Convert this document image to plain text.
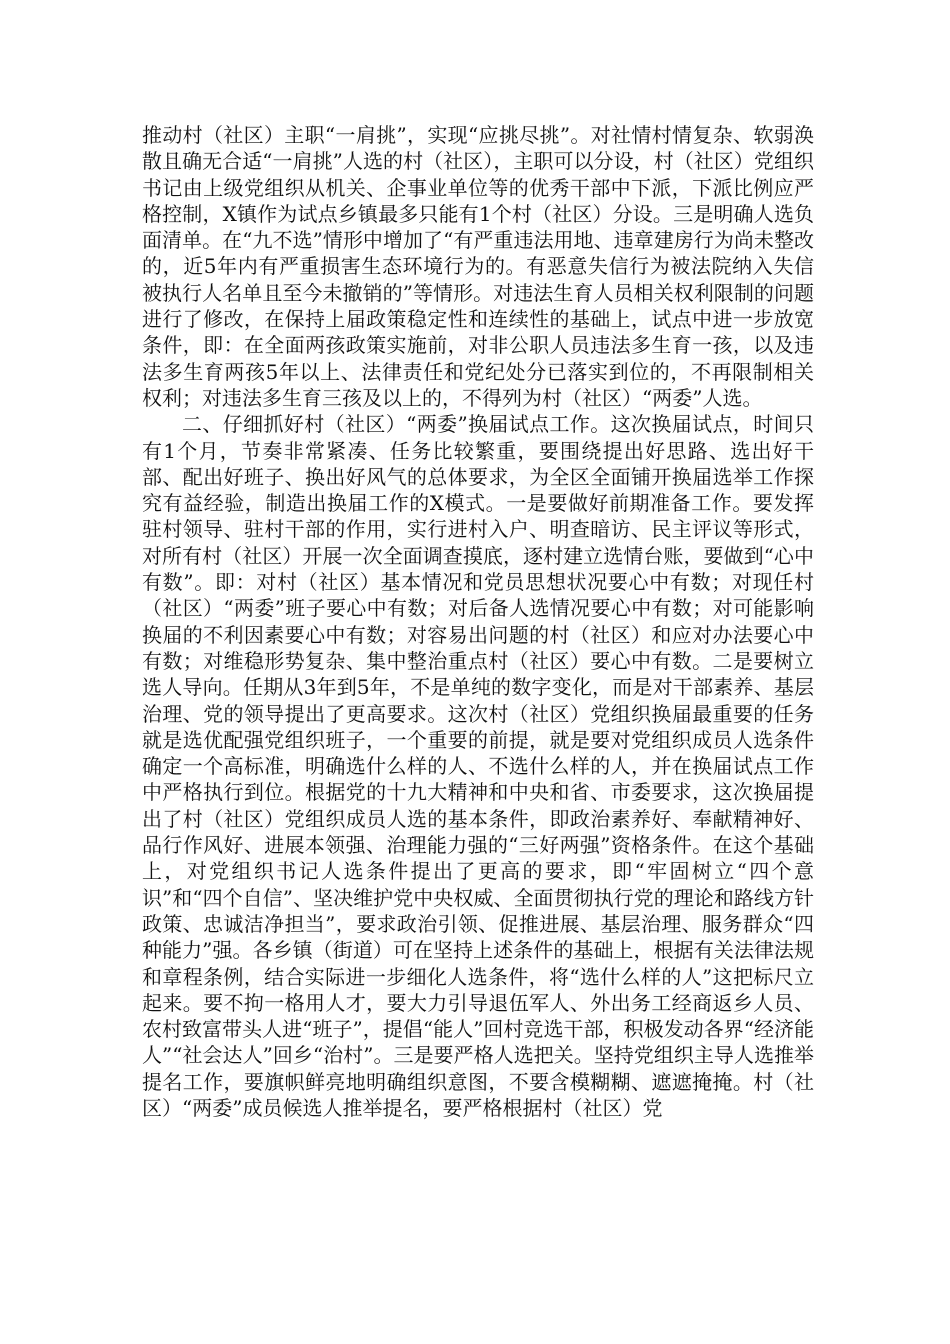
推动村（社区）主职“一肩挑”，实现“应挑尽挑”。对社情村情复杂、软弱涣散且确无合适“一肩挑”人选的村（社区），主职可以分设，村（社区）党组织书记由上级党组织从机关、企事业单位等的优秀干部中下派，下派比例应严格控制，X镇作为试点乡镇最多只能有1个村（社区）分设。三是明确人选负面清单。在“九不选”情形中增加了“有严重违法用地、违章建房行为尚未整改的，近5年内有严重损害生态环境行为的。有恶意失信行为被法院纳入失信被执行人名单且至今未撤销的”等情形。对违法生育人员相关权利限制的问题进行了修改，在保持上届政策稳定性和连续性的基础上，试点中进一步放宽条件，即：在全面两孩政策实施前，对非公职人员违法多生育一孩，以及违法多生育两孩5年以上、法律责任和党纪处分已落实到位的，不再限制相关权利；对违法多生育三孩及以上的，不得列为村（社区）“两委”人选。

二、仔细抓好村（社区）“两委”换届试点工作。这次换届试点，时间只有1个月，节奏非常紧凑、任务比较繁重，要围绕提出好思路、选出好干部、配出好班子、换出好风气的总体要求，为全区全面铺开换届选举工作探究有益经验，制造出换届工作的X模式。一是要做好前期准备工作。要发挥驻村领导、驻村干部的作用，实行进村入户、明查暗访、民主评议等形式，对所有村（社区）开展一次全面调查摸底，逐村建立选情台账，要做到“心中有数”。即：对村（社区）基本情况和党员思想状况要心中有数；对现任村（社区）“两委”班子要心中有数；对后备人选情况要心中有数；对可能影响换届的不利因素要心中有数；对容易出问题的村（社区）和应对办法要心中有数；对维稳形势复杂、集中整治重点村（社区）要心中有数。二是要树立选人导向。任期从3年到5年，不是单纯的数字变化，而是对干部素养、基层治理、党的领导提出了更高要求。这次村（社区）党组织换届最重要的任务就是选优配强党组织班子，一个重要的前提，就是要对党组织成员人选条件确定一个高标准，明确选什么样的人、不选什么样的人，并在换届试点工作中严格执行到位。根据党的十九大精神和中央和省、市委要求，这次换届提出了村（社区）党组织成员人选的基本条件，即政治素养好、奉献精神好、品行作风好、进展本领强、治理能力强的“三好两强”资格条件。在这个基础上，对党组织书记人选条件提出了更高的要求，即“牢固树立“四个意识”和“四个自信”、坚决维护党中央权威、全面贯彻执行党的理论和路线方针政策、忠诚洁净担当”，要求政治引领、促推进展、基层治理、服务群众“四种能力”强。各乡镇（街道）可在坚持上述条件的基础上，根据有关法律法规和章程条例，结合实际进一步细化人选条件，将“选什么样的人”这把标尺立起来。要不拘一格用人才，要大力引导退伍军人、外出务工经商返乡人员、农村致富带头人进“班子”，提倡“能人”回村竞选干部，积极发动各界“经济能人”“社会达人”回乡“治村”。三是要严格人选把关。坚持党组织主导人选推举提名工作，要旗帜鲜亮地明确组织意图，不要含模糊糊、遮遮掩掩。村（社区）“两委”成员候选人推举提名，要严格根据村（社区）党
